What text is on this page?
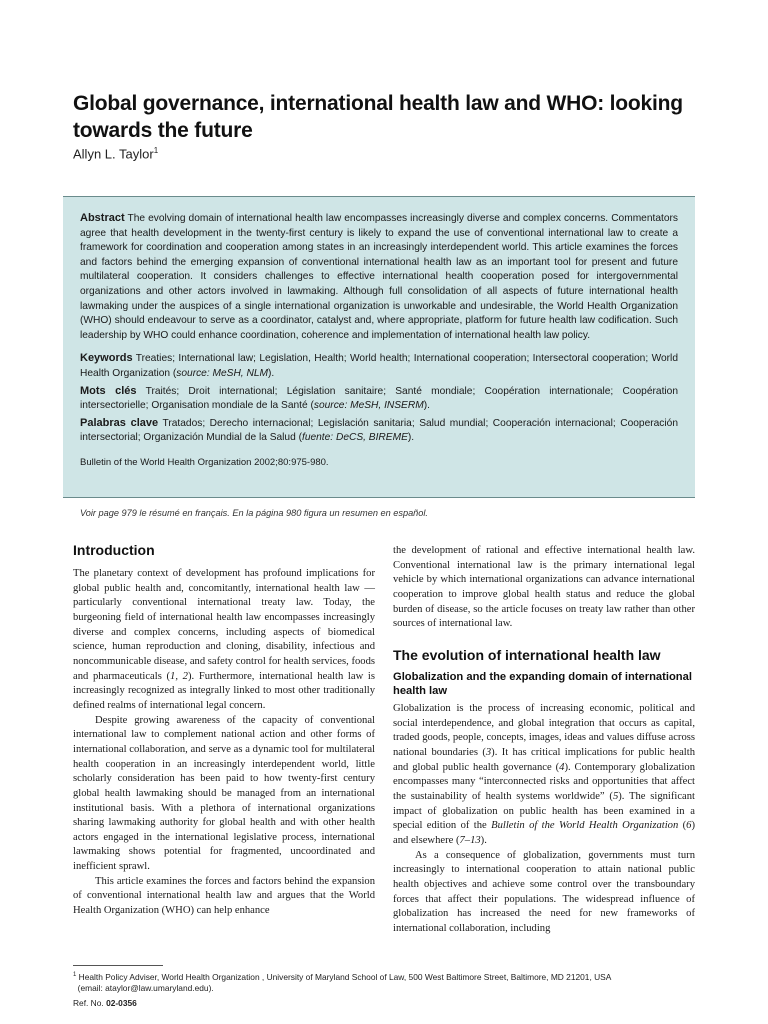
Global governance, international health law and WHO: looking towards the future
Allyn L. Taylor$^1$

Abstract The evolving domain of international health law encompasses increasingly diverse and complex concerns. Commentators agree that health development in the twenty-first century is likely to expand the use of conventional international law to create a framework for coordination and cooperation among states in an increasingly interdependent world. This article examines the forces and factors behind the emerging expansion of conventional international health law as an important tool for present and future multilateral cooperation. It considers challenges to effective international health cooperation posed for intergovernmental organizations and other actors involved in lawmaking. Although full consolidation of all aspects of future international health lawmaking under the auspices of a single international organization is unworkable and undesirable, the World Health Organization (WHO) should endeavour to serve as a coordinator, catalyst and, where appropriate, platform for future health law codification. Such leadership by WHO could enhance coordination, coherence and implementation of international health law policy.

Keywords Treaties; International law; Legislation, Health; World health; International cooperation; Intersectoral cooperation; World Health Organization (source: MeSH, NLM).

Mots clés Traités; Droit international; Législation sanitaire; Santé mondiale; Coopération internationale; Coopération intersectorielle; Organisation mondiale de la Santé (source: MeSH, INSERM).

Palabras clave Tratados; Derecho internacional; Legislación sanitaria; Salud mundial; Cooperación internacional; Cooperación intersectorial; Organización Mundial de la Salud (fuente: DeCS, BIREME).

Bulletin of the World Health Organization 2002;80:975-980.

Voir page 979 le résumé en français. En la página 980 figura un resumen en español.
Introduction

The planetary context of development has profound implications for global public health and, concomitantly, international health law — particularly conventional international treaty law. Today, the burgeoning field of international health law encompasses increasingly diverse and complex concerns, including aspects of biomedical science, human reproduction and cloning, disability, infectious and noncommunicable disease, and safety control for health services, foods and pharmaceuticals (1, 2). Furthermore, international health law is increasingly recognized as integrally linked to most other traditionally defined realms of international legal concern.

Despite growing awareness of the capacity of conventional international law to complement national action and other forms of international collaboration, and serve as a dynamic tool for multilateral health cooperation in an increasingly interdependent world, little scholarly consideration has been paid to how twenty-first century global health lawmaking should be managed from an international institutional basis. With a plethora of international organizations sharing lawmaking authority for global health and with other health actors engaged in the international legislative process, international lawmaking shows potential for fragmented, uncoordinated and inefficient sprawl.

This article examines the forces and factors behind the expansion of conventional international health law and argues that the World Health Organization (WHO) can help enhance

the development of rational and effective international health law. Conventional international law is the primary international legal vehicle by which international organizations can advance international cooperation to improve global health status and reduce the global burden of disease, so the article focuses on treaty law rather than other sources of international law.

The evolution of international health law
Globalization and the expanding domain of international health law

Globalization is the process of increasing economic, political and social interdependence, and global integration that occurs as capital, traded goods, people, concepts, images, ideas and values diffuse across national boundaries (3). It has critical implications for public health and global public health governance (4). Contemporary globalization encompasses many “interconnected risks and opportunities that affect the sustainability of health systems worldwide” (5). The significant impact of globalization on public health has been examined in a special edition of the Bulletin of the World Health Organization (6) and elsewhere (7–13).

As a consequence of globalization, governments must turn increasingly to international cooperation to attain national public health objectives and achieve some control over the transboundary forces that affect their populations. The widespread influence of globalization has increased the need for new frameworks of international collaboration, including

$^1$ Health Policy Adviser, World Health Organization , University of Maryland School of Law, 500 West Baltimore Street, Baltimore, MD 21201, USA
(email: ataylor@law.umaryland.edu).
Ref. No. 02-0356
